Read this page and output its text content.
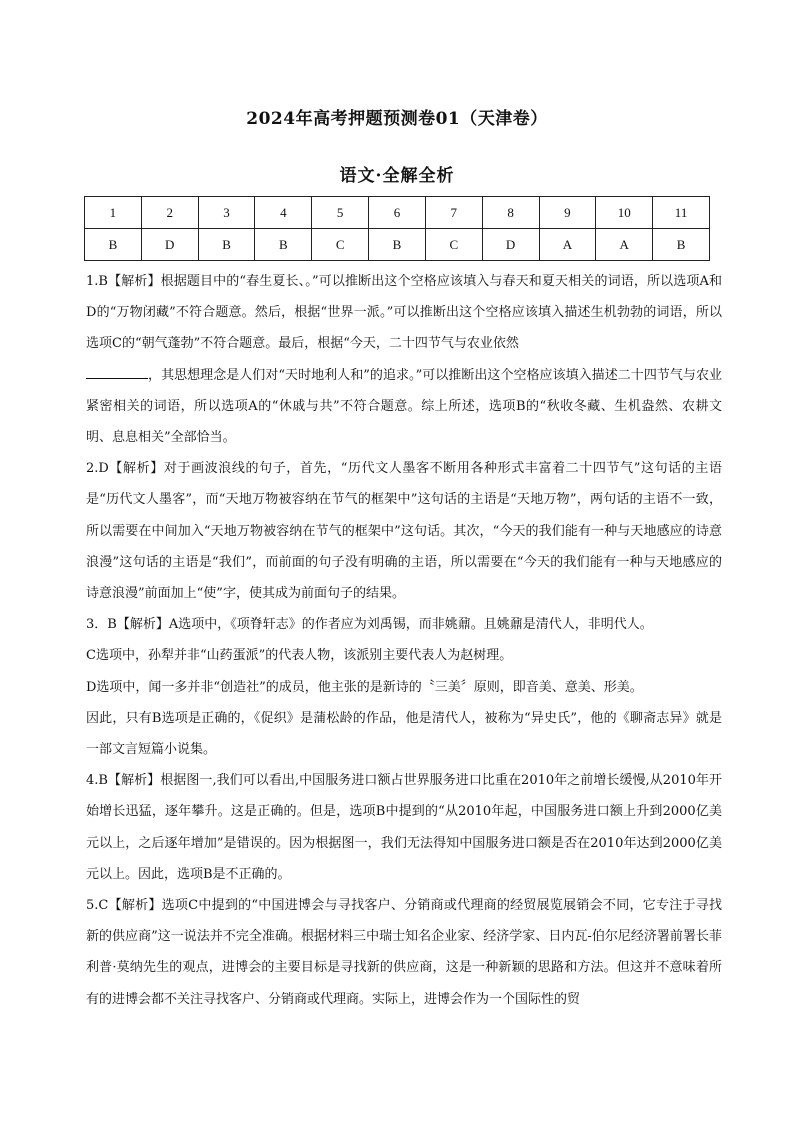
2024年高考押题预测卷01（天津卷）
语文·全解全析
1	2	3	4	5	6	7	8	9	10	11
B	D	B	B	C	B	C	D	A	A	B

1.B【解析】根据题目中的“春生夏长、。”可以推断出这个空格应该填入与春天和夏天相关的词语，所以选项A和D的“万物闭藏”不符合题意。然后，根据“世界一派。”可以推断出这个空格应该填入描述生机勃勃的词语，所以选项C的“朝气蓬勃”不符合题意。最后，根据“今天，二十四节气与农业依然
，其思想理念是人们对“天时地利人和”的追求。”可以推断出这个空格应该填入描述二十四节气与农业紧密相关的词语，所以选项A的“休戚与共”不符合题意。综上所述，选项B的“秋收冬藏、生机盎然、农耕文明、息息相关”全部恰当。

2.D【解析】对于画波浪线的句子，首先，“历代文人墨客不断用各种形式丰富着二十四节气”这句话的主语是“历代文人墨客”，而“天地万物被容纳在节气的框架中”这句话的主语是“天地万物”，两句话的主语不一致，所以需要在中间加入“天地万物被容纳在节气的框架中”这句话。其次，“今天的我们能有一种与天地感应的诗意浪漫”这句话的主语是“我们”，而前面的句子没有明确的主语，所以需要在“今天的我们能有一种与天地感应的诗意浪漫”前面加上“使”字，使其成为前面句子的结果。

3．B【解析】A选项中，《项脊轩志》的作者应为刘禹锡，而非姚鼐。且姚鼐是清代人，非明代人。

C选项中，孙犁并非“山药蛋派”的代表人物，该派别主要代表人为赵树理。

D选项中，闻一多并非“创造社”的成员，他主张的是新诗的〝三美〞原则，即音美、意美、形美。

因此，只有B选项是正确的，《促织》是蒲松龄的作品，他是清代人，被称为“异史氏”，他的《聊斋志异》就是一部文言短篇小说集。

4.B【解析】根据图一,我们可以看出,中国服务进口额占世界服务进口比重在2010年之前增长缓慢,从2010年开始增长迅猛，逐年攀升。这是正确的。但是，选项B中提到的“从2010年起，中国服务进口额上升到2000亿美元以上，之后逐年增加”是错误的。因为根据图一，我们无法得知中国服务进口额是否在2010年达到2000亿美元以上。因此，选项B是不正确的。

5.C【解析】选项C中提到的“中国进博会与寻找客户、分销商或代理商的经贸展览展销会不同，它专注于寻找新的供应商”这一说法并不完全准确。根据材料三中瑞士知名企业家、经济学家、日内瓦-伯尔尼经济署前署长菲利普·莫纳先生的观点，进博会的主要目标是寻找新的供应商，这是一种新颖的思路和方法。但这并不意味着所有的进博会都不关注寻找客户、分销商或代理商。实际上，进博会作为一个国际性的贸
